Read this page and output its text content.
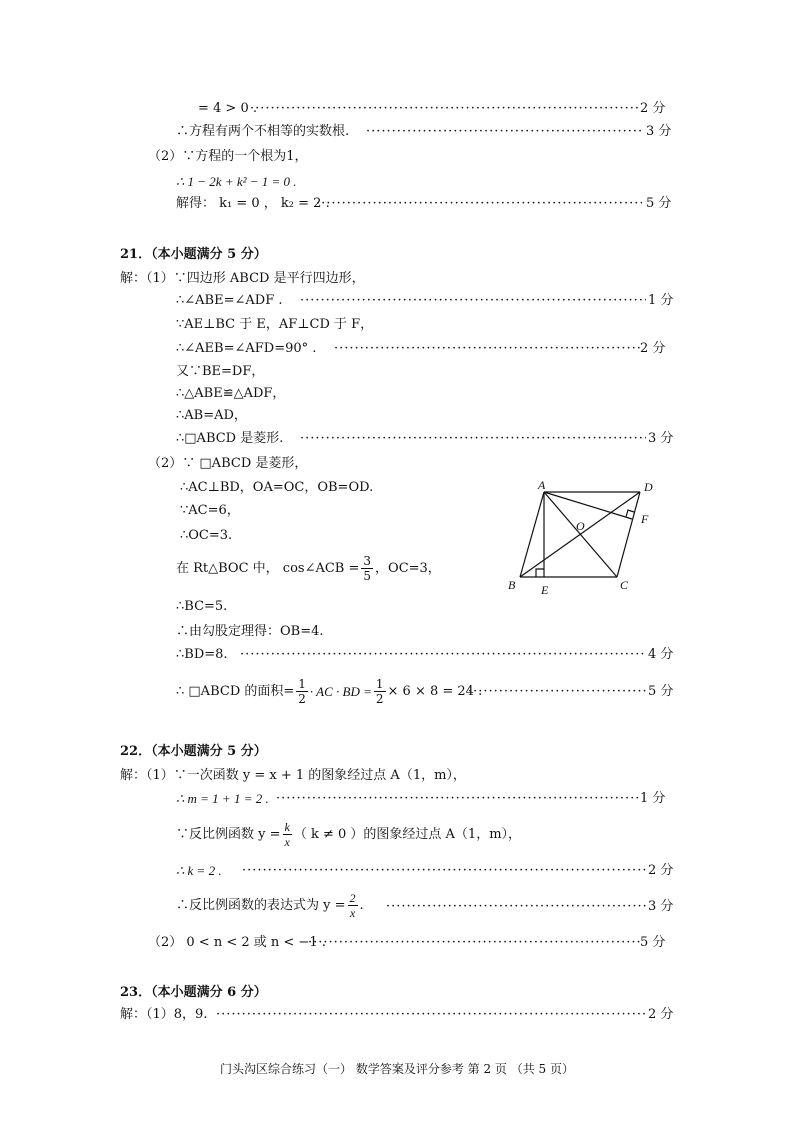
= 4 > 0 . ·····	2 分
∴方程有两个不相等的实数根. ·····	3 分
（2）∵方程的一个根为1，
∴ 1 − 2k + k² − 1 = 0 .
解得： k₁ = 0 ， k₂ = 2 . ·····	5 分
21．（本小题满分 5 分）
解：（1）∵四边形 ABCD 是平行四边形，
∴∠ABE=∠ADF . ·····	1 分
∵AE⊥BC 于 E，AF⊥CD 于 F，
∴∠AEB=∠AFD=90° . ·····	2 分
又∵BE=DF，
∴△ABE≌△ADF，
∴AB=AD，
∴□ABCD 是菱形. ·····	3 分
（2）∵ □ABCD 是菱形，
∴AC⊥BD，OA=OC，OB=OD.
∵AC=6，
∴OC=3.
在 Rt△BOC 中， cos∠ACB = $\frac{3}{5}$ ，OC=3，
∴BC=5.
∴由勾股定理得：OB=4.
∴BD=8. ·····	4 分
∴ □ABCD 的面积= $\frac{1}{2}$ · AC · BD = $\frac{1}{2} \times 6 \times 8 = 24$ . ·····	5 分
A
B	C
D
E
F
O
22．（本小题满分 5 分）
解：（1）∵一次函数 y = x + 1 的图象经过点 A（1，m），
∴ m = 1 + 1 = 2 . ·····	1 分
∵反比例函数 $y = \frac{k}{x}$ （ k ≠ 0 ）的图象经过点 A（1，m），
∴ k = 2 . ·····	2 分
∴反比例函数的表达式为 $y = \frac{2}{x}$ . ·····	3 分
（2） 0 < n < 2 或 n < −1 . ·····	5 分
23．（本小题满分 6 分）
解：（1）8，9. ·····	2 分
门头沟区综合练习（一） 数学答案及评分参考 第 2 页 （共 5 页）
